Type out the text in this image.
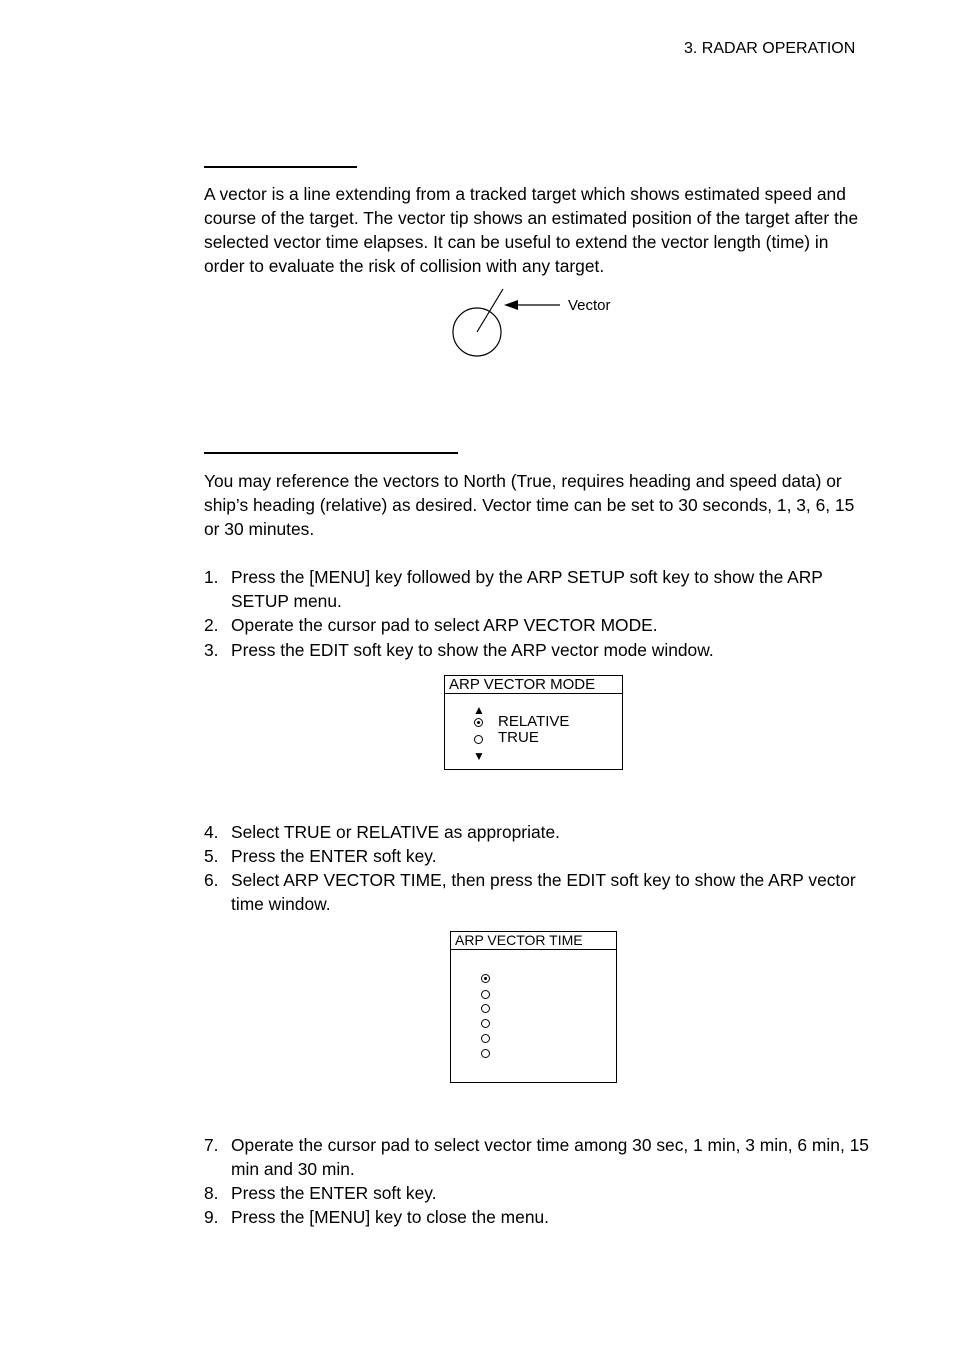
3. RADAR OPERATION
A vector is a line extending from a tracked target which shows estimated speed and course of the target. The vector tip shows an estimated position of the target after the selected vector time elapses. It can be useful to extend the vector length (time) in order to evaluate the risk of collision with any target.
Vector
You may reference the vectors to North (True, requires heading and speed data) or ship’s heading (relative) as desired. Vector time can be set to 30 seconds, 1, 3, 6, 15 or 30 minutes.
1. Press the [MENU] key followed by the ARP SETUP soft key to show the ARP SETUP menu.
2. Operate the cursor pad to select ARP VECTOR MODE.
3. Press the EDIT soft key to show the ARP vector mode window.
ARP VECTOR MODE
▲
RELATIVE
TRUE
▼
4. Select TRUE or RELATIVE as appropriate.
5. Press the ENTER soft key.
6. Select ARP VECTOR TIME, then press the EDIT soft key to show the ARP vector time window.
ARP VECTOR TIME
7. Operate the cursor pad to select vector time among 30 sec, 1 min, 3 min, 6 min, 15 min and 30 min.
8. Press the ENTER soft key.
9. Press the [MENU] key to close the menu.
